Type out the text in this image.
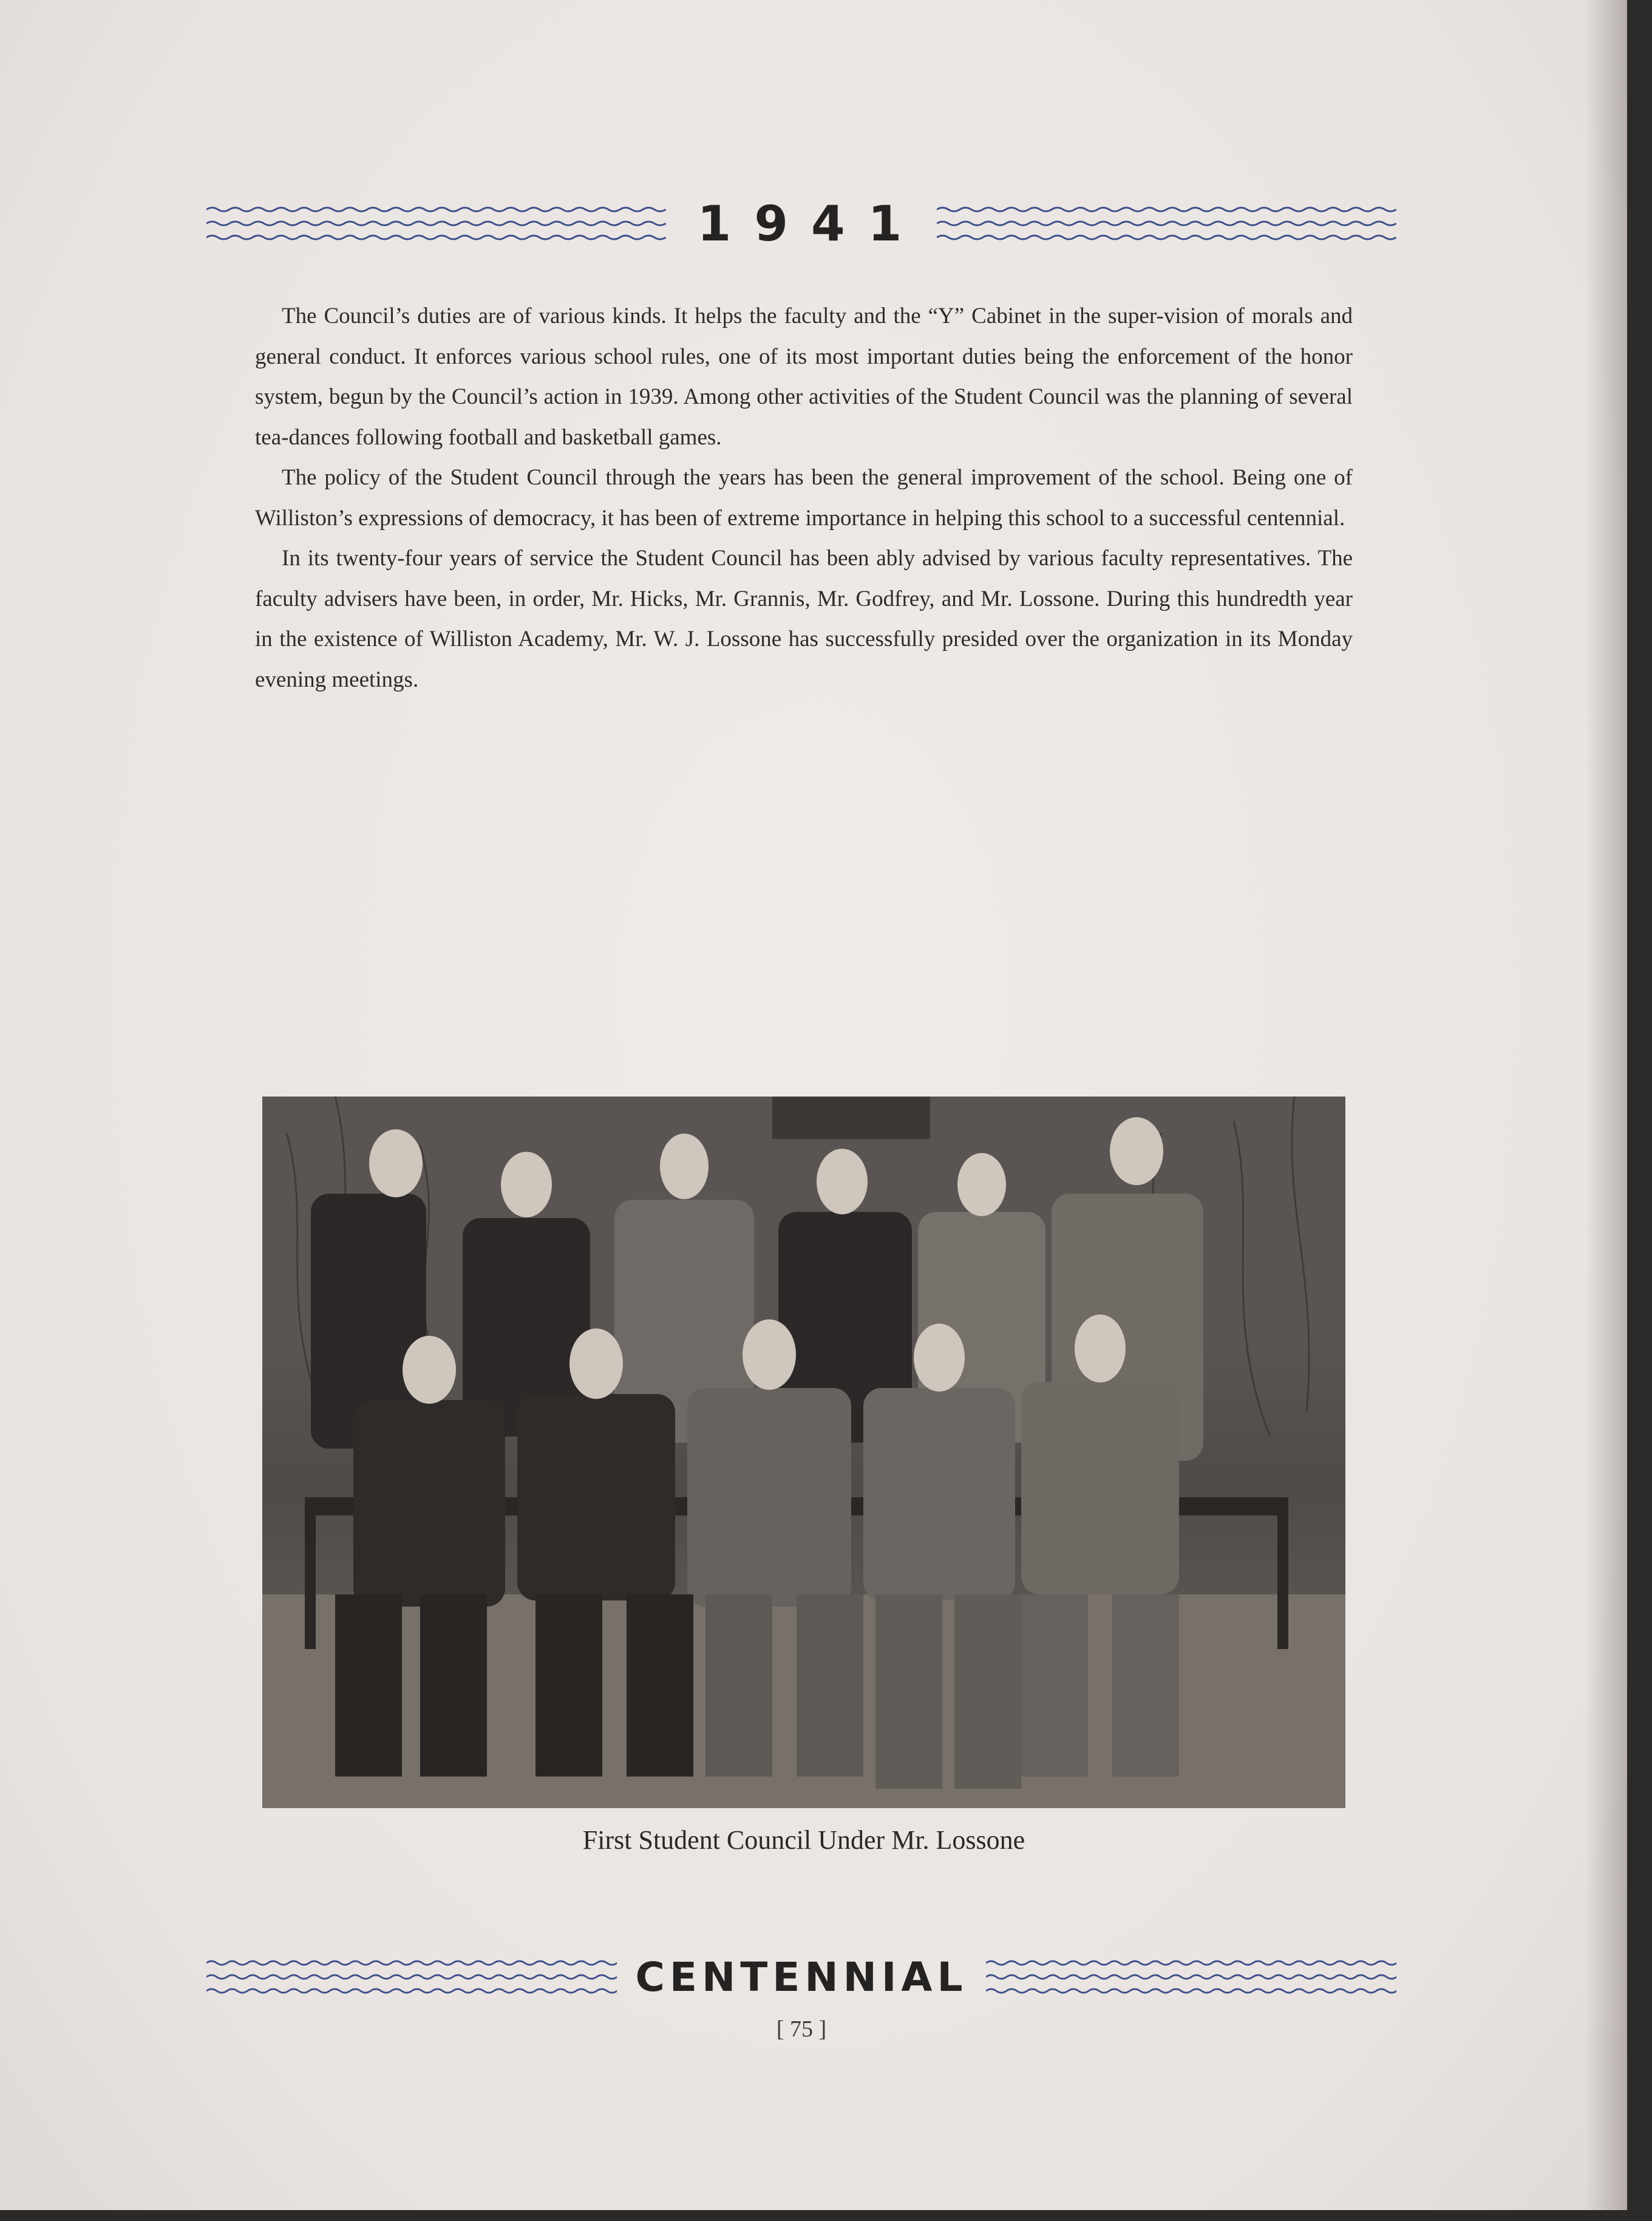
1941

The Council’s duties are of various kinds. It helps the faculty and the “Y” Cabinet in the super-vision of morals and general conduct. It enforces various school rules, one of its most important duties being the enforcement of the honor system, begun by the Council’s action in 1939. Among other activities of the Student Council was the planning of several tea-dances following football and basketball games.

The policy of the Student Council through the years has been the general improvement of the school. Being one of Williston’s expressions of democracy, it has been of extreme importance in helping this school to a successful centennial.

In its twenty-four years of service the Student Council has been ably advised by various faculty representatives. The faculty advisers have been, in order, Mr. Hicks, Mr. Grannis, Mr. Godfrey, and Mr. Lossone. During this hundredth year in the existence of Williston Academy, Mr. W. J. Lossone has successfully presided over the organization in its Monday evening meetings.

First Student Council Under Mr. Lossone
CENTENNIAL
[ 75 ]
